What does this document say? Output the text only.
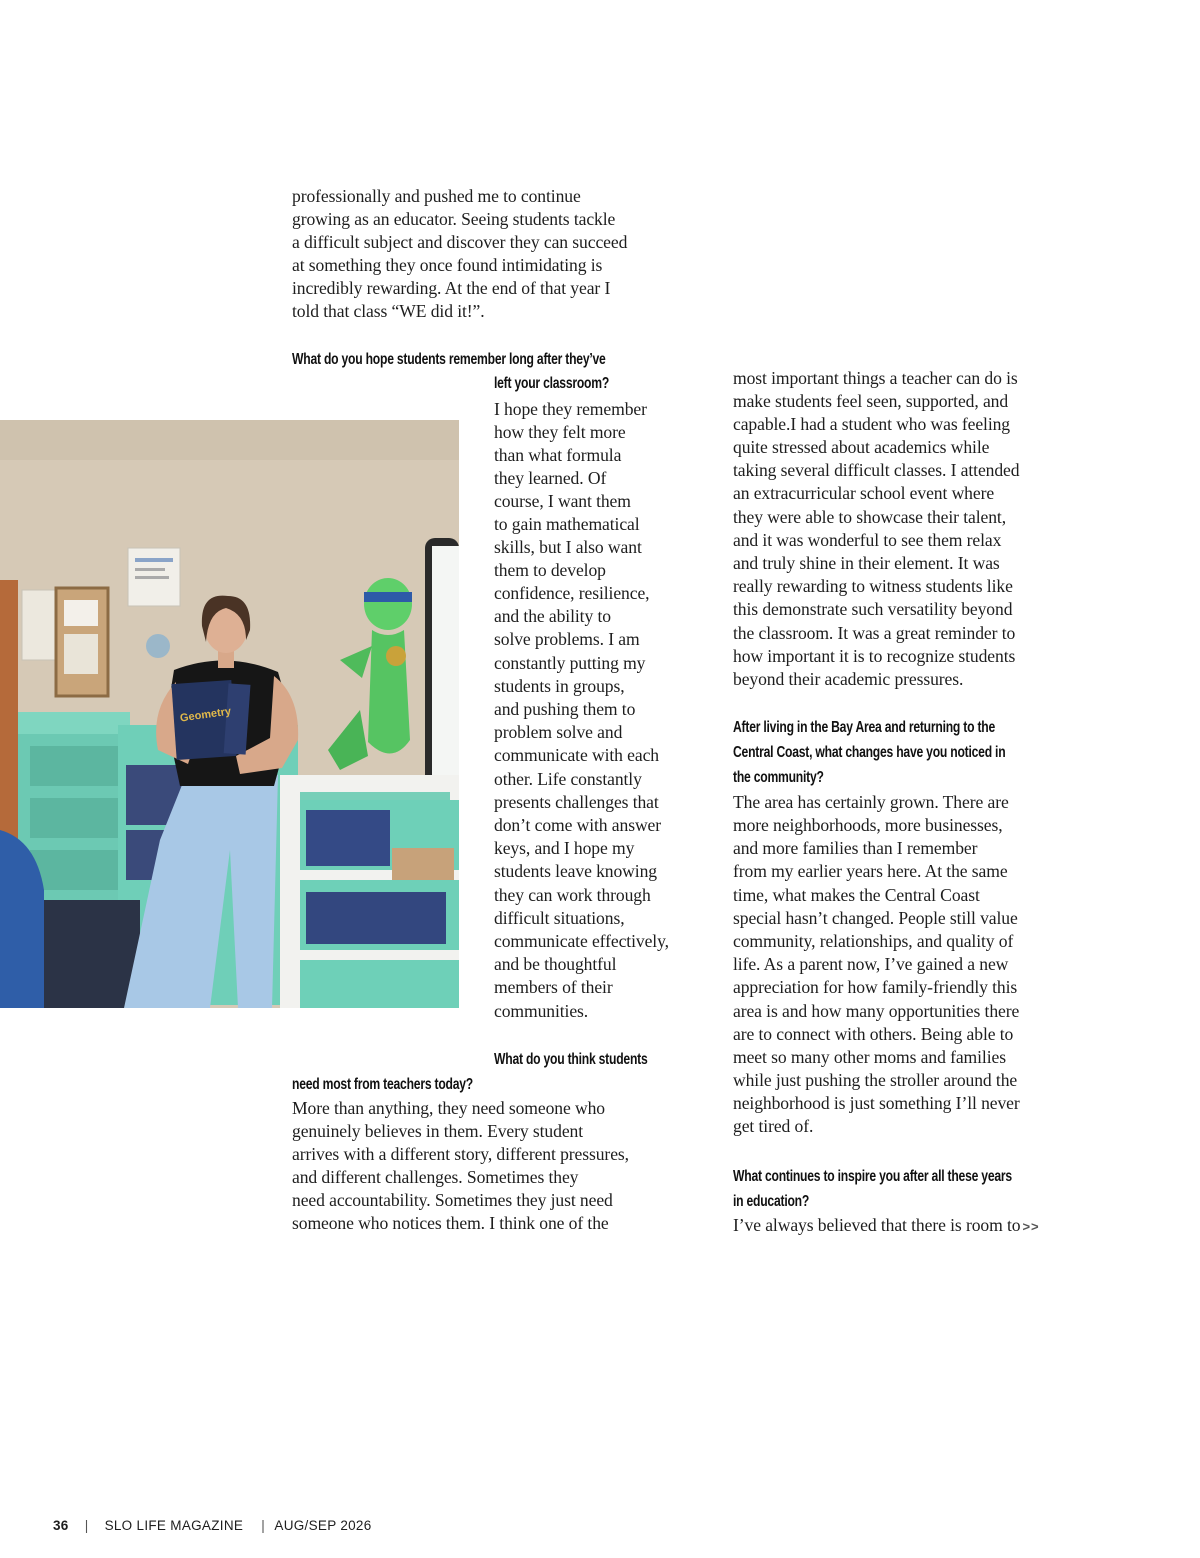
professionally and pushed me to continue
growing as an educator. Seeing students tackle
a difficult subject and discover they can succeed
at something they once found intimidating is
incredibly rewarding. At the end of that year I
told that class “WE did it!”.
What do you hope students remember long after they’ve
left your classroom?
I hope they remember
how they felt more
than what formula
they learned. Of
course, I want them
to gain mathematical
skills, but I also want
them to develop
confidence, resilience,
and the ability to
solve problems. I am
constantly putting my
students in groups,
and pushing them to
problem solve and
communicate with each
other. Life constantly
presents challenges that
don’t come with answer
keys, and I hope my
students leave knowing
they can work through
difficult situations,
communicate effectively,
and be thoughtful
members of their
communities.
What do you think students
need most from teachers today?
More than anything, they need someone who
genuinely believes in them. Every student
arrives with a different story, different pressures,
and different challenges. Sometimes they
need accountability. Sometimes they just need
someone who notices them. I think one of the
most important things a teacher can do is
make students feel seen, supported, and
capable.I had a student who was feeling
quite stressed about academics while
taking several difficult classes. I attended
an extracurricular school event where
they were able to showcase their talent,
and it was wonderful to see them relax
and truly shine in their element. It was
really rewarding to witness students like
this demonstrate such versatility beyond
the classroom. It was a great reminder to
how important it is to recognize students
beyond their academic pressures.
After living in the Bay Area and returning to the
Central Coast, what changes have you noticed in
the community?
The area has certainly grown. There are
more neighborhoods, more businesses,
and more families than I remember
from my earlier years here. At the same
time, what makes the Central Coast
special hasn’t changed. People still value
community, relationships, and quality of
life. As a parent now, I’ve gained a new
appreciation for how family-friendly this
area is and how many opportunities there
are to connect with others. Being able to
meet so many other moms and families
while just pushing the stroller around the
neighborhood is just something I’ll never
get tired of.
What continues to inspire you after all these years
in education?
I’ve always believed that there is room to >>
Geometry
36 | SLO LIFE MAGAZINE | AUG/SEP 2026
